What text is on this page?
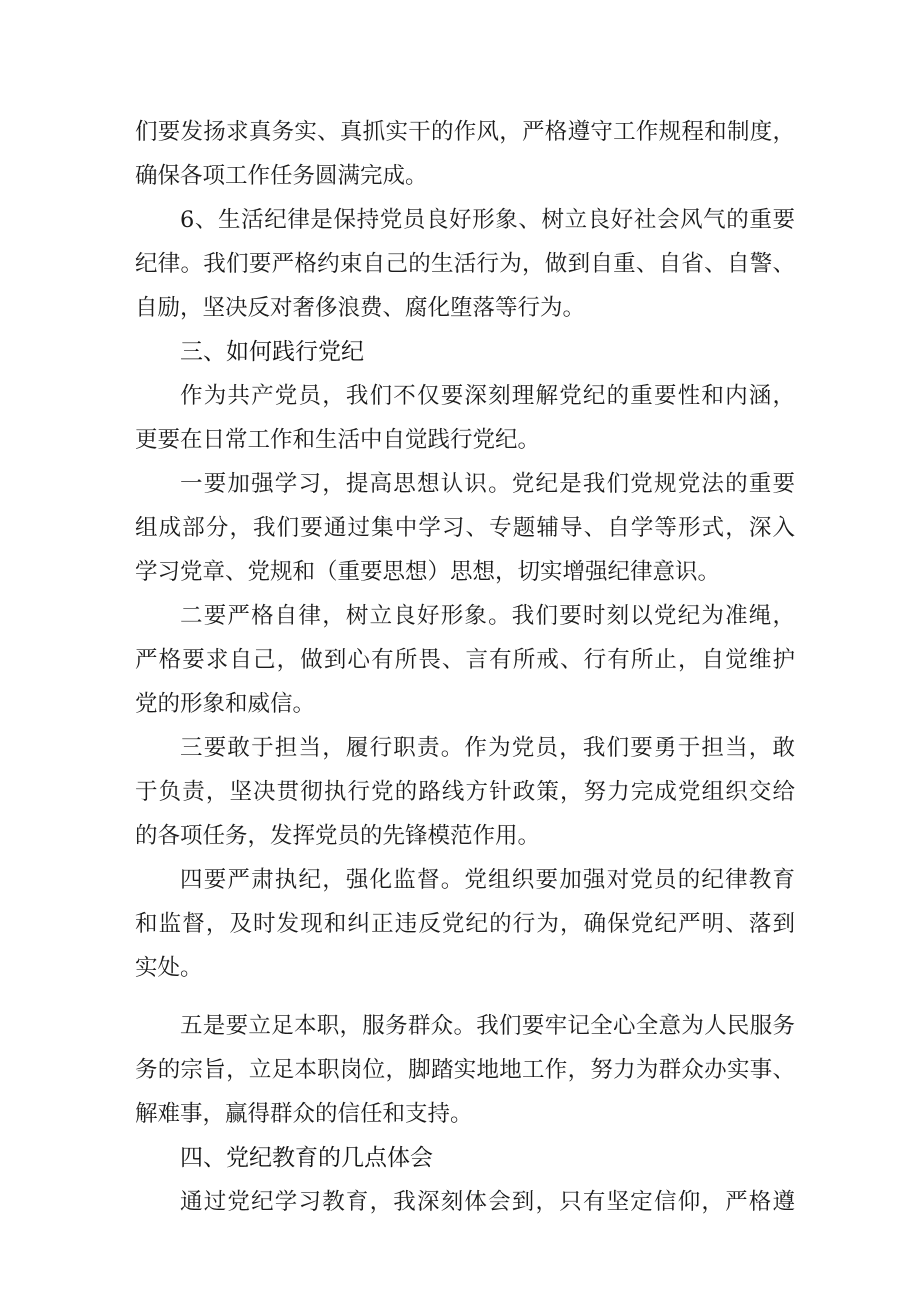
们要发扬求真务实、真抓实干的作风，严格遵守工作规程和制度，
确保各项工作任务圆满完成。
6、生活纪律是保持党员良好形象、树立良好社会风气的重要
纪律。我们要严格约束自己的生活行为，做到自重、自省、自警、
自励，坚决反对奢侈浪费、腐化堕落等行为。
三、如何践行党纪
作为共产党员，我们不仅要深刻理解党纪的重要性和内涵，
更要在日常工作和生活中自觉践行党纪。
一要加强学习，提高思想认识。党纪是我们党规党法的重要
组成部分，我们要通过集中学习、专题辅导、自学等形式，深入
学习党章、党规和（重要思想）思想，切实增强纪律意识。
二要严格自律，树立良好形象。我们要时刻以党纪为准绳，
严格要求自己，做到心有所畏、言有所戒、行有所止，自觉维护
党的形象和威信。
三要敢于担当，履行职责。作为党员，我们要勇于担当，敢
于负责，坚决贯彻执行党的路线方针政策，努力完成党组织交给
的各项任务，发挥党员的先锋模范作用。
四要严肃执纪，强化监督。党组织要加强对党员的纪律教育
和监督，及时发现和纠正违反党纪的行为，确保党纪严明、落到
实处。
五是要立足本职，服务群众。我们要牢记全心全意为人民服务
务的宗旨，立足本职岗位，脚踏实地地工作，努力为群众办实事、
解难事，赢得群众的信任和支持。
四、党纪教育的几点体会
通过党纪学习教育，我深刻体会到，只有坚定信仰，严格遵
